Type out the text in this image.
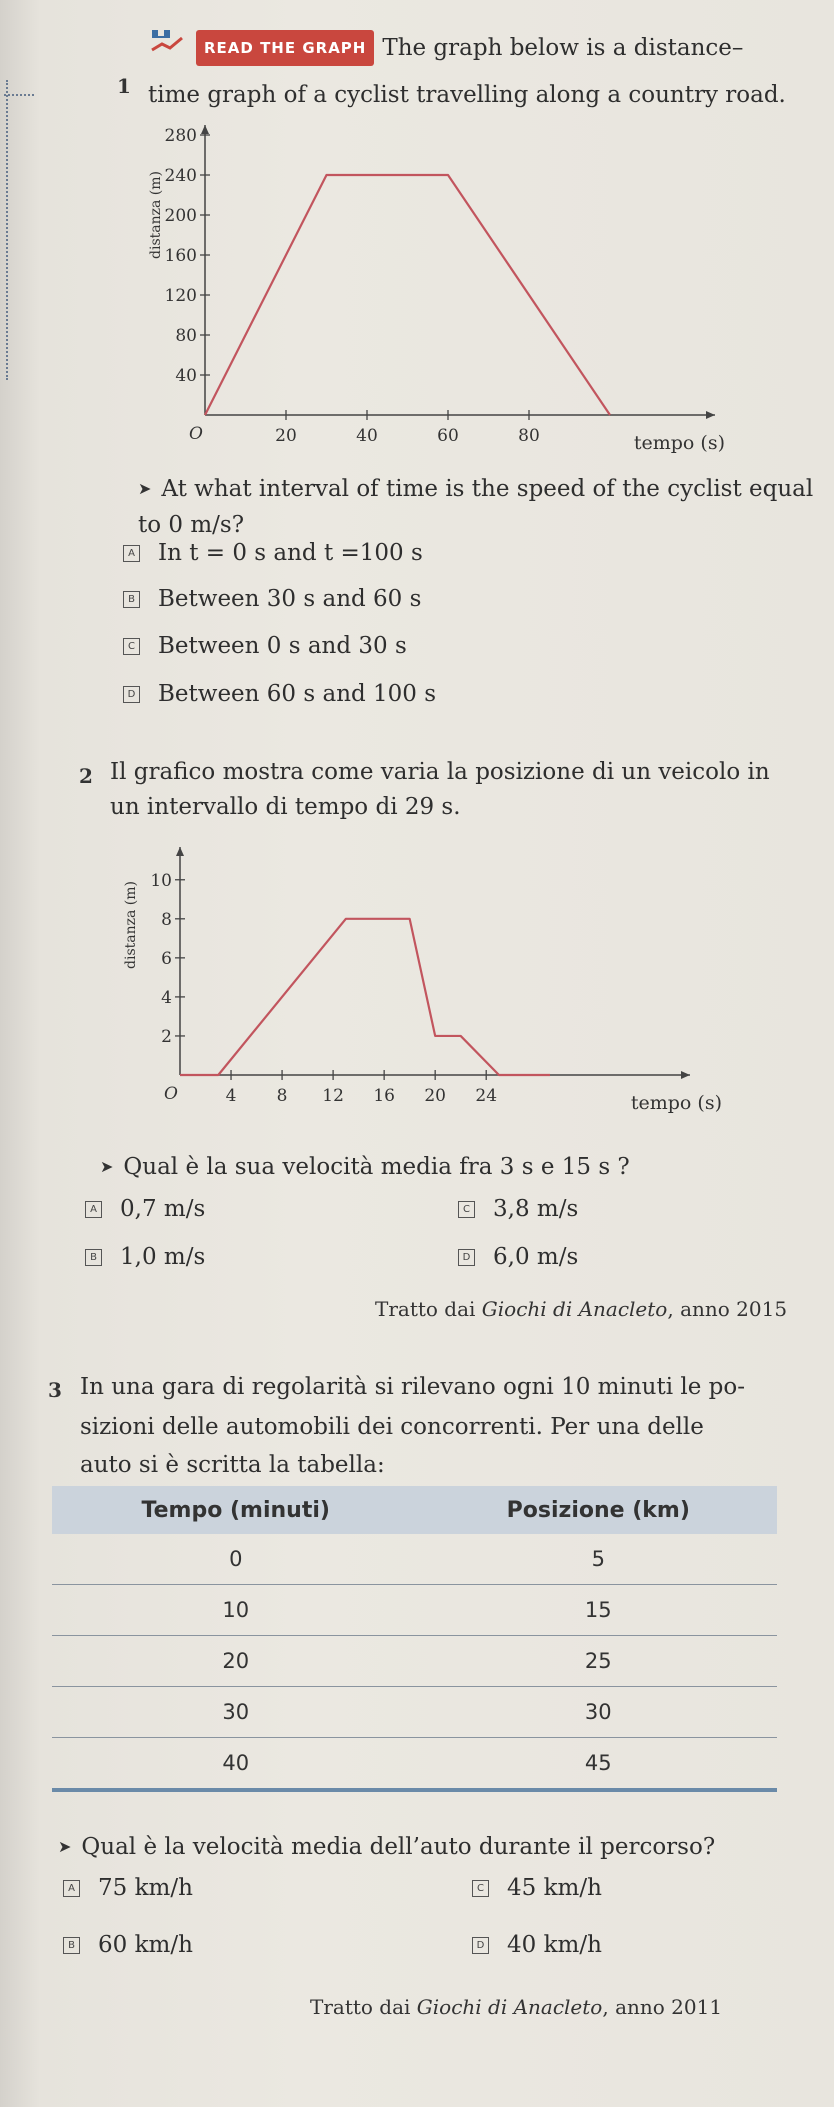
1
READ THE GRAPH The graph below is a distance–
time graph of a cyclist travelling along a country road.
O	20	40	60	80
40
80
120
160
200
240
280
tempo (s)
distanza (m)
➤ At what interval of time is the speed of the cyclist equal
to 0 m/s?
A In t = 0 s and t =100 s
B Between 30 s and 60 s
C Between 0 s and 30 s
D Between 60 s and 100 s
2 Il grafico mostra come varia la posizione di un veicolo in
un intervallo di tempo di 29 s.
O	4 8 12 16 20 24
2
4
6
8
10
tempo (s)
distanza (m)
➤ Qual è la sua velocità media fra 3 s e 15 s ?
A 0,7 m/s
B 1,0 m/s
C 3,8 m/s
D 6,0 m/s
Tratto dai Giochi di Anacleto, anno 2015
3 In una gara di regolarità si rilevano ogni 10 minuti le po-
sizioni delle automobili dei concorrenti. Per una delle
auto si è scritta la tabella:
Tempo (minuti)	Posizione (km)
0	5
10	15
20	25
30	30
40	45
➤ Qual è la velocità media dell’auto durante il percorso?
A 75 km/h
B 60 km/h
C 45 km/h
D 40 km/h
Tratto dai Giochi di Anacleto, anno 2011
